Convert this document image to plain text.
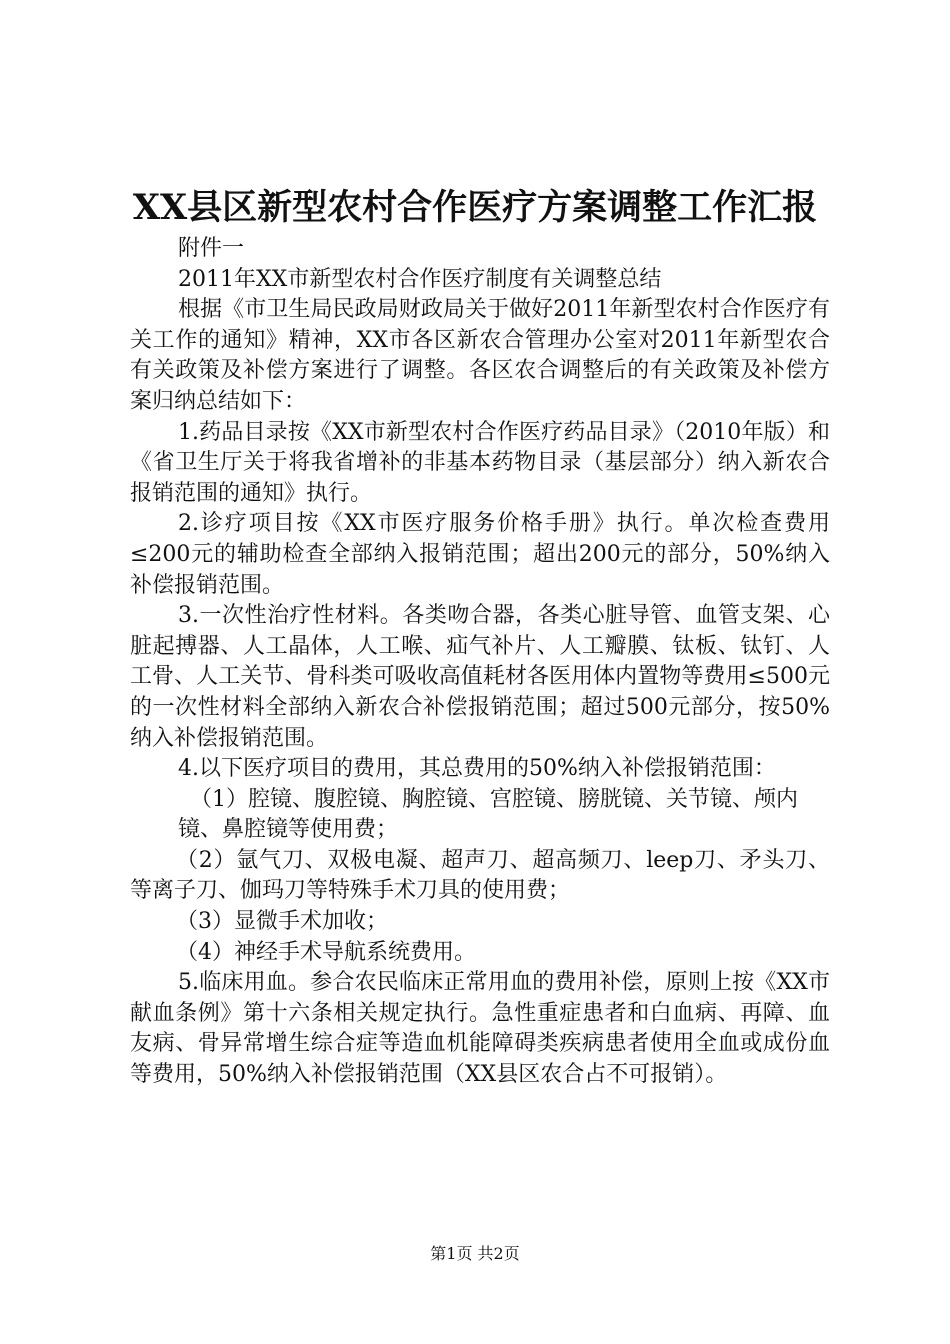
XX县区新型农村合作医疗方案调整工作汇报

附件一

2011年XX市新型农村合作医疗制度有关调整总结

根据《市卫生局民政局财政局关于做好2011年新型农村合作医疗有关工作的通知》精神，XX市各区新农合管理办公室对2011年新型农合有关政策及补偿方案进行了调整。各区农合调整后的有关政策及补偿方案归纳总结如下：

1.药品目录按《XX市新型农村合作医疗药品目录》（2010年版）和《省卫生厅关于将我省增补的非基本药物目录（基层部分）纳入新农合报销范围的通知》执行。

2.诊疗项目按《XX市医疗服务价格手册》执行。单次检查费用≤200元的辅助检查全部纳入报销范围；超出200元的部分，50%纳入补偿报销范围。

3.一次性治疗性材料。各类吻合器，各类心脏导管、血管支架、心脏起搏器、人工晶体，人工喉、疝气补片、人工瓣膜、钛板、钛钉、人工骨、人工关节、骨科类可吸收高值耗材各医用体内置物等费用≤500元的一次性材料全部纳入新农合补偿报销范围；超过500元部分，按50%纳入补偿报销范围。

4.以下医疗项目的费用，其总费用的50%纳入补偿报销范围：

（1）腔镜、腹腔镜、胸腔镜、宫腔镜、膀胱镜、关节镜、颅内

镜、鼻腔镜等使用费；

（2）氩气刀、双极电凝、超声刀、超高频刀、leep刀、矛头刀、等离子刀、伽玛刀等特殊手术刀具的使用费；

（3）显微手术加收；

（4）神经手术导航系统费用。

5.临床用血。参合农民临床正常用血的费用补偿，原则上按《XX市献血条例》第十六条相关规定执行。急性重症患者和白血病、再障、血友病、骨异常增生综合症等造血机能障碍类疾病患者使用全血或成份血等费用，50%纳入补偿报销范围（XX县区农合占不可报销）。

第1页 共2页
